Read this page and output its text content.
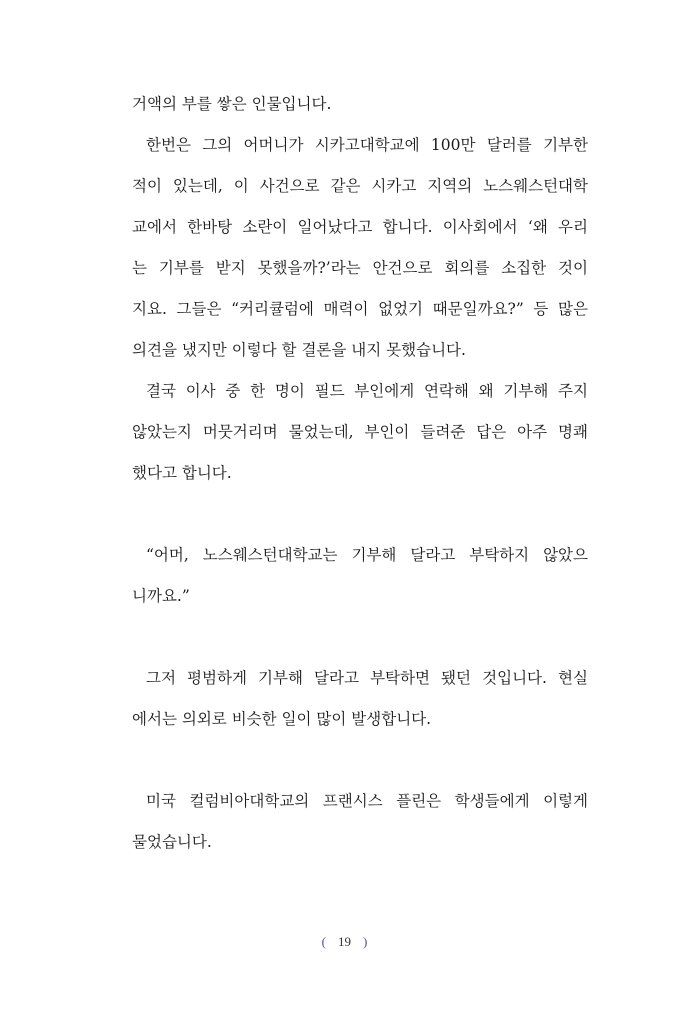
거액의 부를 쌓은 인물입니다.
한번은 그의 어머니가 시카고대학교에 100만 달러를 기부한
적이 있는데, 이 사건으로 같은 시카고 지역의 노스웨스턴대학
교에서 한바탕 소란이 일어났다고 합니다. 이사회에서 ‘왜 우리
는 기부를 받지 못했을까?’라는 안건으로 회의를 소집한 것이
지요. 그들은 “커리큘럼에 매력이 없었기 때문일까요?” 등 많은
의견을 냈지만 이렇다 할 결론을 내지 못했습니다.
결국 이사 중 한 명이 필드 부인에게 연락해 왜 기부해 주지
않았는지 머뭇거리며 물었는데, 부인이 들려준 답은 아주 명쾌
했다고 합니다.
“어머, 노스웨스턴대학교는 기부해 달라고 부탁하지 않았으
니까요.”
그저 평범하게 기부해 달라고 부탁하면 됐던 것입니다. 현실
에서는 의외로 비슷한 일이 많이 발생합니다.
미국 컬럼비아대학교의 프랜시스 플린은 학생들에게 이렇게
물었습니다.
( 19 )
